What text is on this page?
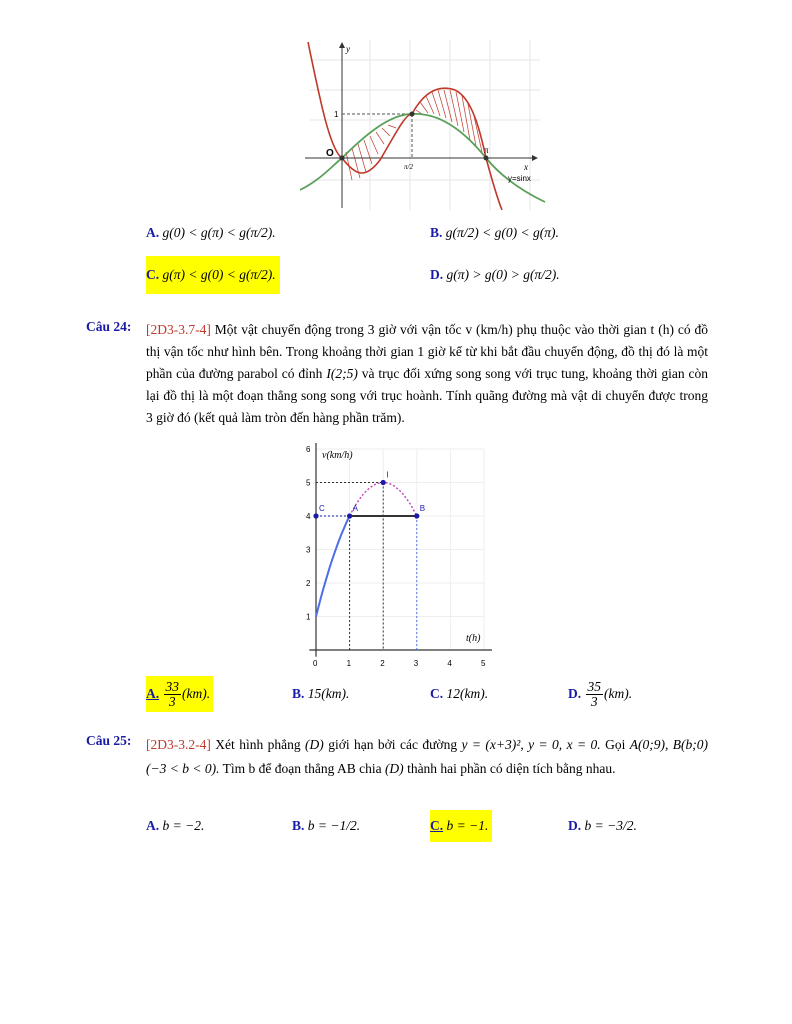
y
x
O
1
π/2
π
y=sinx
A. g(0) < g(π) < g(π/2).	B. g(π/2) < g(0) < g(π).
C. g(π) < g(0) < g(π/2).	D. g(π) > g(0) > g(π/2).
Câu 24: [2D3-3.7-4] Một vật chuyển động trong 3 giờ với vận tốc v (km/h) phụ thuộc vào thời gian t (h) có đồ thị vận tốc như hình bên. Trong khoảng thời gian 1 giờ kể từ khi bắt đầu chuyển động, đồ thị đó là một phần của đường parabol có đỉnh I(2;5) và trục đối xứng song song với trục tung, khoảng thời gian còn lại đồ thị là một đoạn thẳng song song với trục hoành. Tính quãng đường mà vật di chuyển được trong 3 giờ đó (kết quả làm tròn đến hàng phần trăm).
0	1	2	3	4	5
1
2
3
4
5
6
C	A
I
B
v(km/h)
t(h)
A. $\frac{33}{3} (km)$.	B. 15(km).	C. 12(km).	D. $\frac{35}{3} (km)$.
Câu 25: [2D3-3.2-4] Xét hình phẳng (D) giới hạn bởi các đường y = (x+3)², y = 0, x = 0. Gọi A(0;9), B(b;0) (−3 < b < 0). Tìm b để đoạn thẳng AB chia (D) thành hai phần có diện tích bằng nhau.
A. b = −2.	B. b = −1/2.	C. b = −1.	D. b = −3/2.
